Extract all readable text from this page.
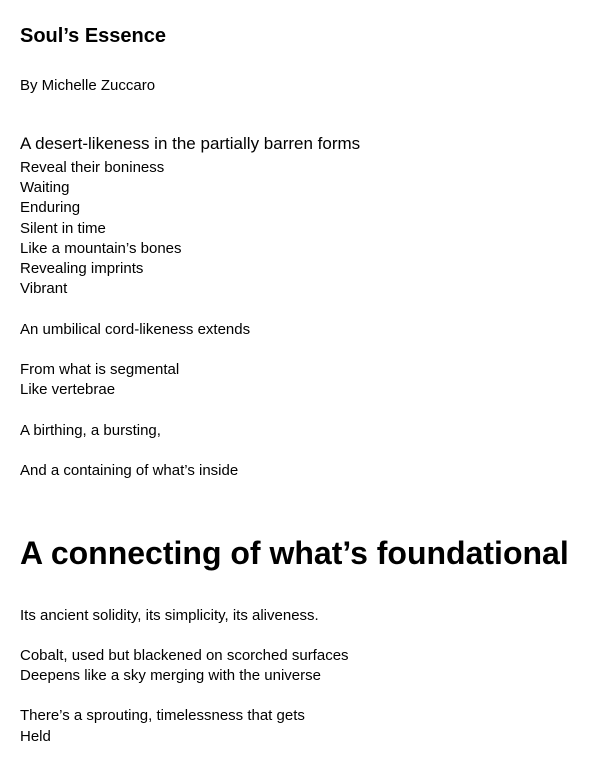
Soul’s Essence
By Michelle Zuccaro
A desert-likeness in the partially barren forms
Reveal their boniness
Waiting
Enduring
Silent in time
Like a mountain’s bones
Revealing imprints
Vibrant
An umbilical cord-likeness extends
From what is segmental
Like vertebrae
A birthing, a bursting,
And a containing of what’s inside
A connecting of what’s foundational
Its ancient solidity, its simplicity, its aliveness.
Cobalt, used but blackened on scorched surfaces
Deepens like a sky merging with the universe
There’s a sprouting, timelessness that gets
Held
